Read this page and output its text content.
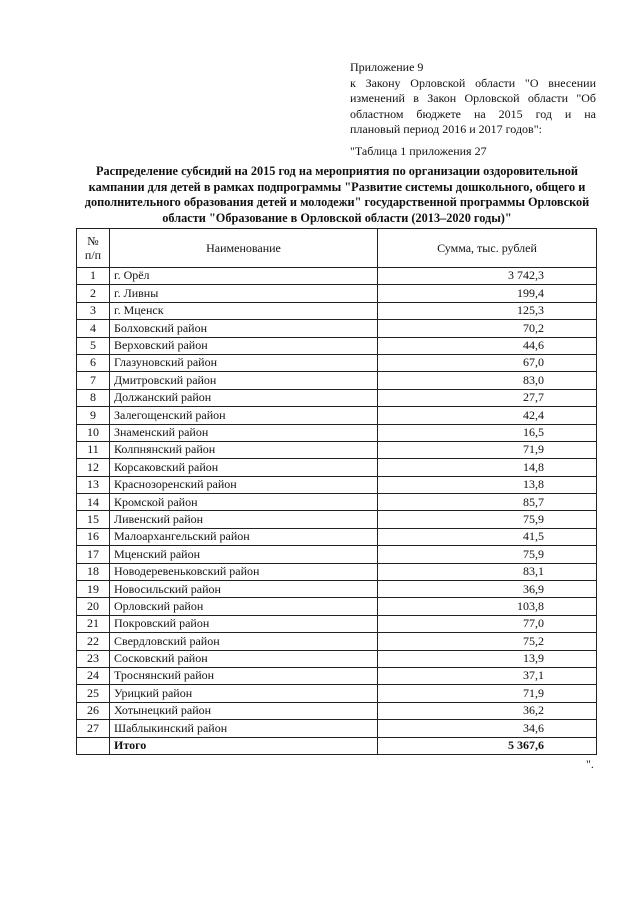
Приложение 9
к Закону Орловской области "О внесении
изменений в Закон Орловской области "Об
областном бюджете на 2015 год и на
плановый период 2016 и 2017 годов":
"Таблица 1 приложения 27
Распределение субсидий на 2015 год на мероприятия по организации оздоровительной кампании для детей в рамках подпрограммы "Развитие системы дошкольного, общего и дополнительного образования детей и молодежи" государственной программы Орловской области "Образование в Орловской области (2013–2020 годы)"
№ п/п	Наименование	Сумма, тыс. рублей
1	г. Орёл	3 742,3
2	г. Ливны	199,4
3	г. Мценск	125,3
4	Болховский район	70,2
5	Верховский район	44,6
6	Глазуновский район	67,0
7	Дмитровский район	83,0
8	Должанский район	27,7
9	Залегощенский район	42,4
10	Знаменский район	16,5
11	Колпнянский район	71,9
12	Корсаковский район	14,8
13	Краснозоренский район	13,8
14	Кромской район	85,7
15	Ливенский район	75,9
16	Малоархангельский район	41,5
17	Мценский район	75,9
18	Новодеревеньковский район	83,1
19	Новосильский район	36,9
20	Орловский район	103,8
21	Покровский район	77,0
22	Свердловский район	75,2
23	Сосковский район	13,9
24	Троснянский район	37,1
25	Урицкий район	71,9
26	Хотынецкий район	36,2
27	Шаблыкинский район	34,6
	Итого	5 367,6
".
